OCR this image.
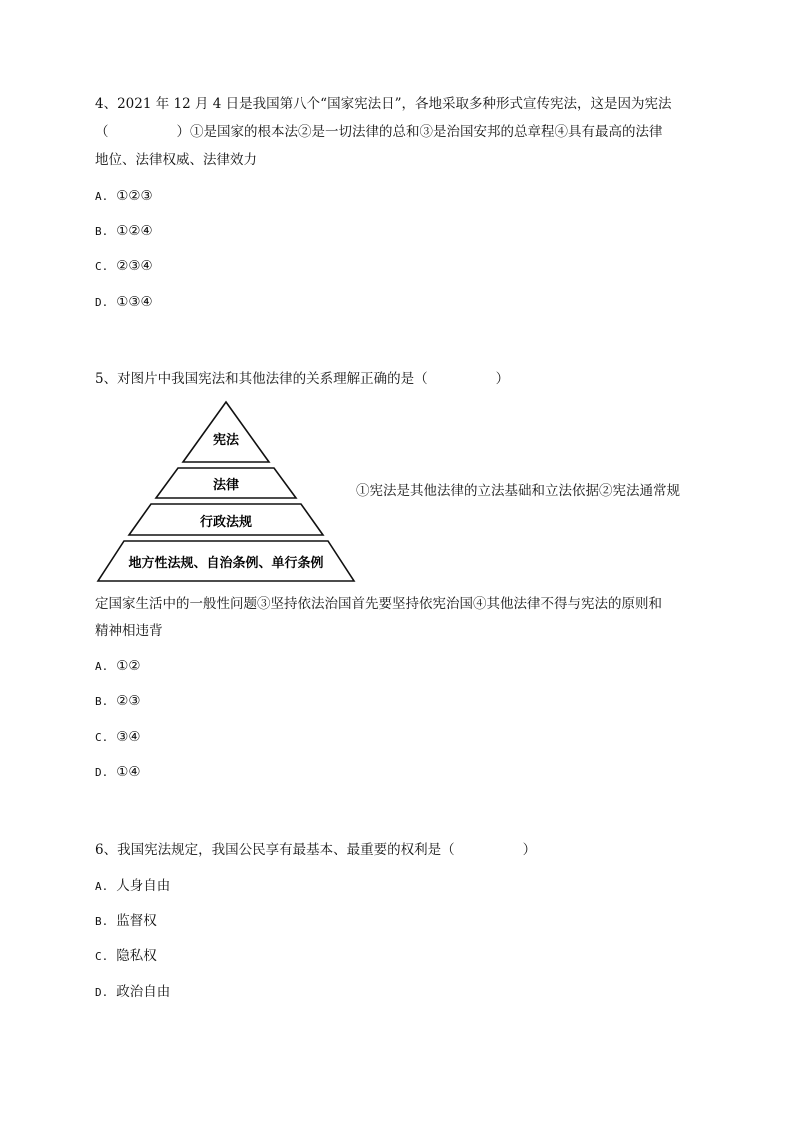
4、2021 年 12 月 4 日是我国第八个“国家宪法日”，各地采取多种形式宣传宪法，这是因为宪法
（	）①是国家的根本法②是一切法律的总和③是治国安邦的总章程④具有最高的法律
地位、法律权威、法律效力
A. ①②③
B. ①②④
C. ②③④
D. ①③④
5、对图片中我国宪法和其他法律的关系理解正确的是（	）
宪法
法律
行政法规
地方性法规、自治条例、单行条例
①宪法是其他法律的立法基础和立法依据②宪法通常规
定国家生活中的一般性问题③坚持依法治国首先要坚持依宪治国④其他法律不得与宪法的原则和
精神相违背
A. ①②
B. ②③
C. ③④
D. ①④
6、我国宪法规定，我国公民享有最基本、最重要的权利是（	）
A. 人身自由
B. 监督权
C. 隐私权
D. 政治自由
